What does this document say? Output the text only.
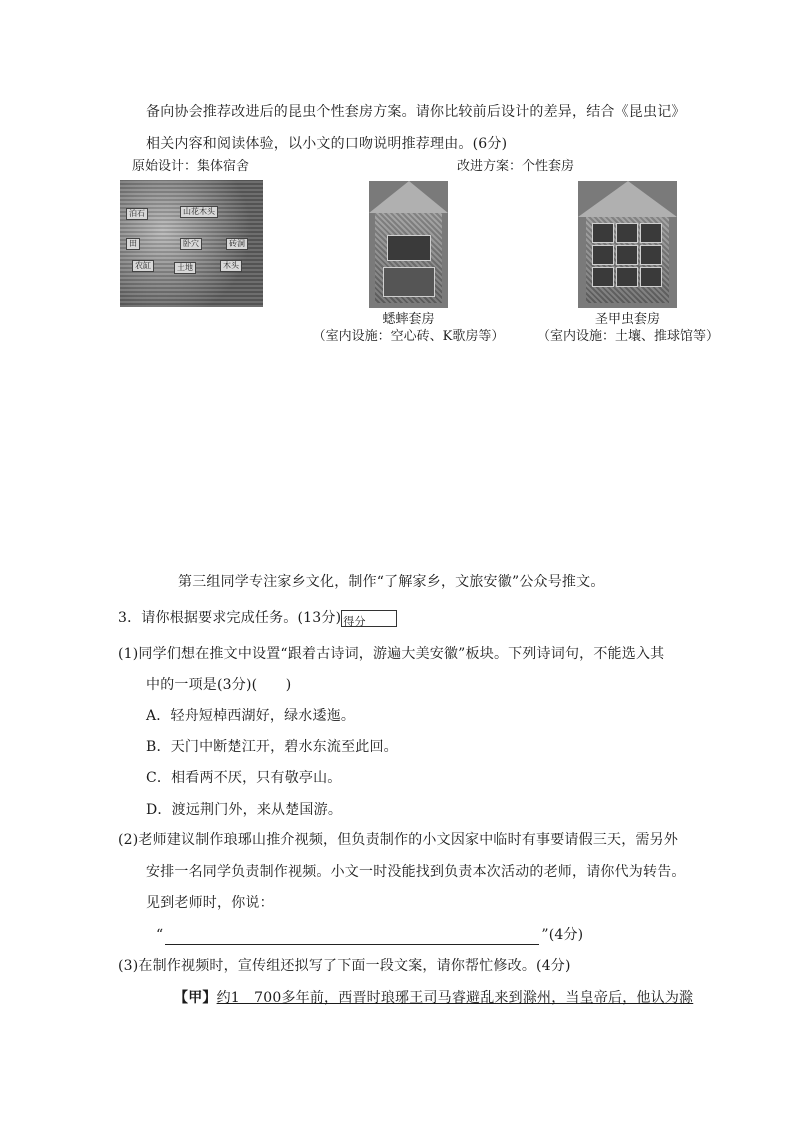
备向协会推荐改进后的昆虫个性套房方案。请你比较前后设计的差异，结合《昆虫记》
相关内容和阅读体验，以小文的口吻说明推荐理由。(6分)
原始设计：集体宿舍	改进方案：个性套房
泊石	山花木头
田	卧穴	砖洞
农缸	土地	木头
蟋蟀套房
（室内设施：空心砖、K歌房等）
圣甲虫套房
（室内设施：土壤、推球馆等）
第三组同学专注家乡文化，制作“了解家乡，文旅安徽”公众号推文。
3．请你根据要求完成任务。(13分) 得分
(1)同学们想在推文中设置“跟着古诗词，游遍大美安徽”板块。下列诗词句，不能选入其
中的一项是(3分)(　　)
A．轻舟短棹西湖好，绿水逶迤。
B．天门中断楚江开，碧水东流至此回。
C．相看两不厌，只有敬亭山。
D．渡远荆门外，来从楚国游。
(2)老师建议制作琅琊山推介视频，但负责制作的小文因家中临时有事要请假三天，需另外
安排一名同学负责制作视频。小文一时没能找到负责本次活动的老师，请你代为转告。
见到老师时，你说：
“	”(4分)
(3)在制作视频时，宣传组还拟写了下面一段文案，请你帮忙修改。(4分)
【甲】约1　700多年前，西晋时琅琊王司马睿避乱来到滁州，当皇帝后，他认为滁
